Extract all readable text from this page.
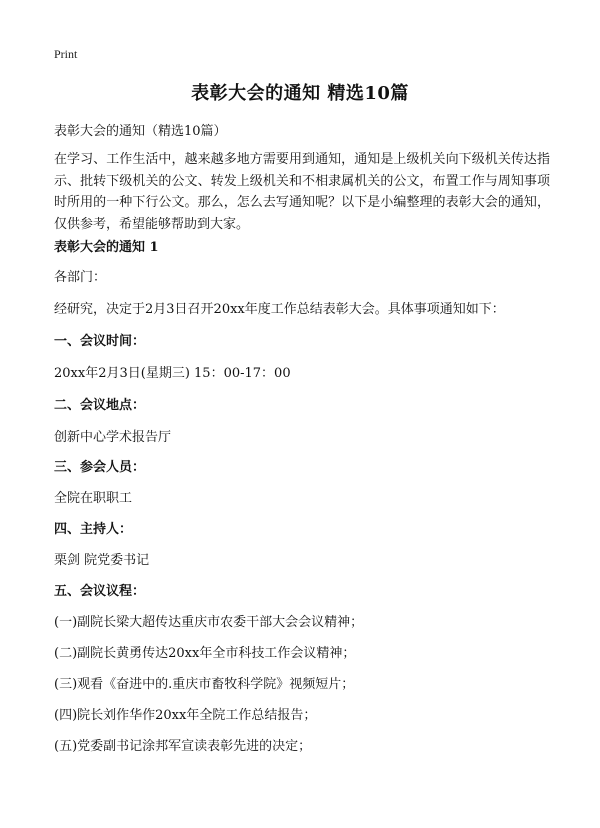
Print
表彰大会的通知 精选10篇

表彰大会的通知（精选10篇）

在学习、工作生活中，越来越多地方需要用到通知，通知是上级机关向下级机关传达指示、批转下级机关的公文、转发上级机关和不相隶属机关的公文，布置工作与周知事项时所用的一种下行公文。那么，怎么去写通知呢？以下是小编整理的表彰大会的通知，仅供参考，希望能够帮助到大家。

表彰大会的通知 1

各部门：

经研究，决定于2月3日召开20xx年度工作总结表彰大会。具体事项通知如下：

一、会议时间：

20xx年2月3日(星期三) 15：00-17：00

二、会议地点：

创新中心学术报告厅

三、参会人员：

全院在职职工

四、主持人：

栗剑 院党委书记

五、会议议程：

(一)副院长梁大超传达重庆市农委干部大会会议精神；

(二)副院长黄勇传达20xx年全市科技工作会议精神；

(三)观看《奋进中的.重庆市畜牧科学院》视频短片；

(四)院长刘作华作20xx年全院工作总结报告；

(五)党委副书记涂邦军宣读表彰先进的决定；
